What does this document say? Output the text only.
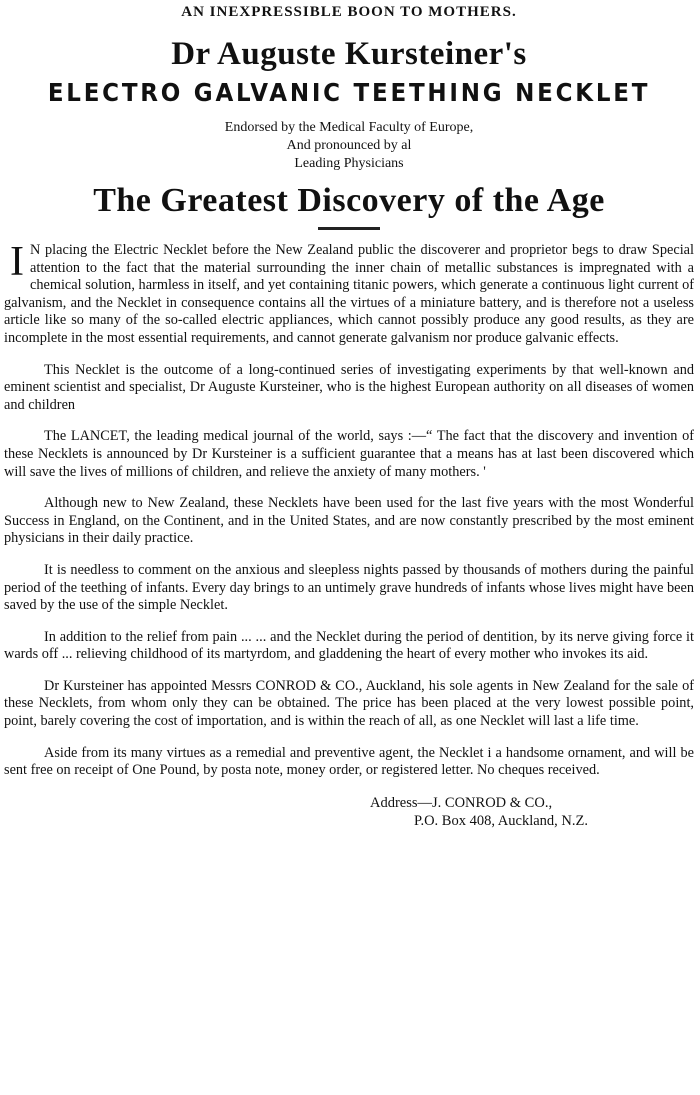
AN INEXPRESSIBLE BOON TO MOTHERS.
Dr Auguste Kursteiner's
ELECTRO GALVANIC TEETHING NECKLET
Endorsed by the Medical Faculty of Europe,
And pronounced by al
Leading Physicians
The Greatest Discovery of the Age

I N placing the Electric Necklet before the New Zealand public the discoverer and proprietor begs to draw Special attention to the fact that the material surrounding the inner chain of metallic substances is impregnated with a chemical solution, harmless in itself, and yet containing titanic powers, which generate a continuous light current of galvanism, and the Necklet in consequence contains all the virtues of a miniature battery, and is therefore not a useless article like so many of the so-called electric appliances, which cannot possibly produce any good results, as they are incomplete in the most essential requirements, and cannot generate galvanism nor produce galvanic effects.

This Necklet is the outcome of a long-continued series of investigating experiments by that well-known and eminent scientist and specialist, Dr Auguste Kursteiner, who is the highest European authority on all diseases of women and children

The LANCET, the leading medical journal of the world, says :—“ The fact that the discovery and invention of these Necklets is announced by Dr Kursteiner is a sufficient guarantee that a means has at last been discovered which will save the lives of millions of children, and relieve the anxiety of many mothers. '

Although new to New Zealand, these Necklets have been used for the last five years with the most Wonderful Success in England, on the Continent, and in the United States, and are now constantly prescribed by the most eminent physicians in their daily practice.

It is needless to comment on the anxious and sleepless nights passed by thousands of mothers during the painful period of the teething of infants. Every day brings to an untimely grave hundreds of infants whose lives might have been saved by the use of the simple Necklet.

In addition to the relief from pain ... ... and the Necklet during the period of dentition, by its nerve giving force it wards off ... relieving childhood of its martyrdom, and gladdening the heart of every mother who invokes its aid.

Dr Kursteiner has appointed Messrs CONROD & CO., Auckland, his sole agents in New Zealand for the sale of these Necklets, from whom only they can be obtained. The price has been placed at the very lowest possible point, point, barely covering the cost of importation, and is within the reach of all, as one Necklet will last a life time.

Aside from its many virtues as a remedial and preventive agent, the Necklet i a handsome ornament, and will be sent free on receipt of One Pound, by posta note, money order, or registered letter. No cheques received.

Address—J. CONROD & CO.,
P.O. Box 408, Auckland, N.Z.
